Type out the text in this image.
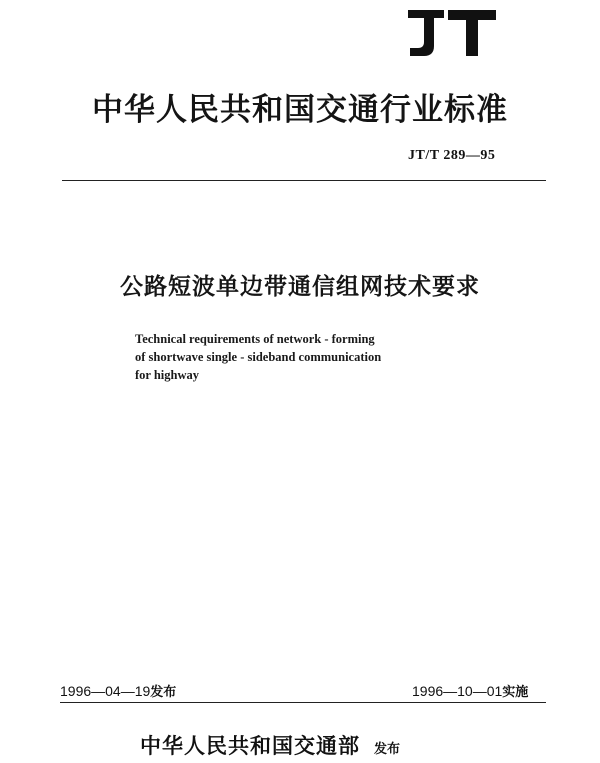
JT
中华人民共和国交通行业标准
JT/T 289—95
公路短波单边带通信组网技术要求
Technical requirements of network - forming
of shortwave single - sideband communication
for highway
1996—04—19发布	1996—10—01实施
中华人民共和国交通部 发布
